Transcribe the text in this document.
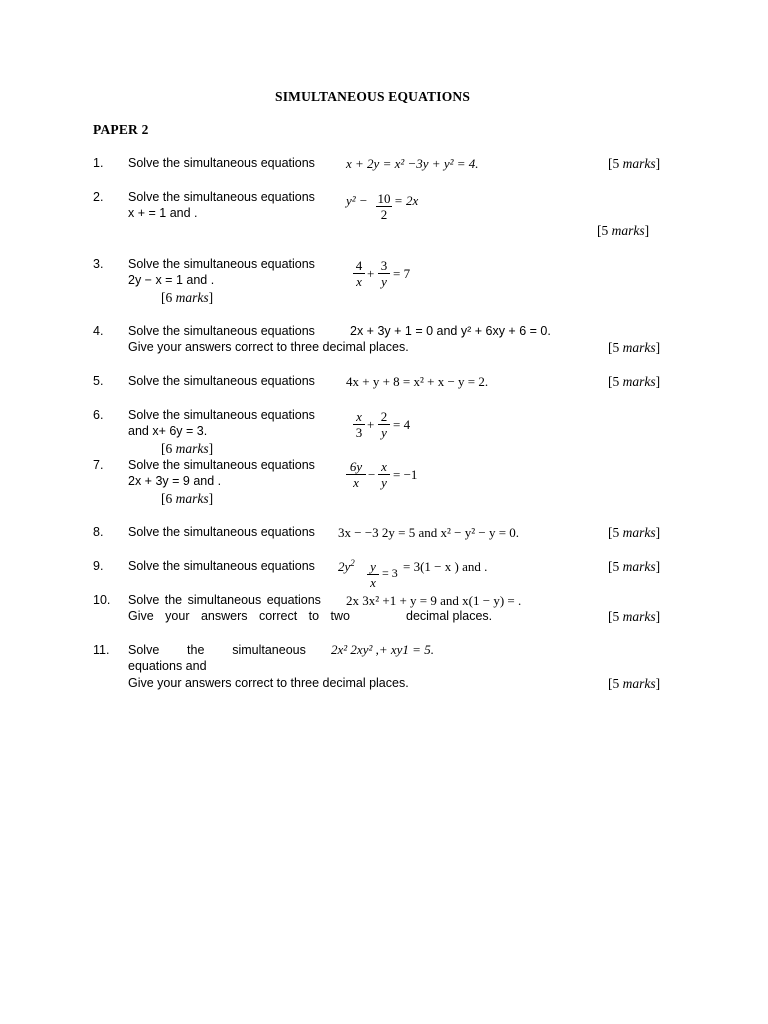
SIMULTANEOUS EQUATIONS
PAPER 2
1. Solve the simultaneous equations x + 2y = x² −3y + y² = 4.	[5 marks]
2. Solve the simultaneous equations y² − 10
2
= 2x
x + = 1 and .
[5 marks]
3. Solve the simultaneous equations	4
x
+
3
y
= 7
2y − x = 1 and .
[6 marks]
4. Solve the simultaneous equations	2x + 3y + 1 = 0 and y² + 6xy + 6 = 0.
Give your answers correct to three decimal places.	[5 marks]
5. Solve the simultaneous equations 4x + y + 8 = x² + x − y = 2.	[5 marks]
6. Solve the simultaneous equations	x
3
+
2
y
= 4
and x+ 6y = 3.
[6 marks]
7. Solve the simultaneous equations	6y
x
−
x
y
= −1
2x + 3y = 9 and .
[6 marks]
8. Solve the simultaneous equations 3x − −3 2y = 5 and x² − y² − y = 0.	[5 marks]
9. Solve the simultaneous equations $2y^2$ y
x
= 3 = 3(1 − x ) and .	[5 marks]
10. Solve the simultaneous equations 2x 3x² +1 + y = 9 and x(1 − y) = .
Give your answers correct to two	decimal places.	[5 marks]
11. Solve        the        simultaneous 2x² 2xy² ,+ xy1 = 5.
equations and
Give your answers correct to three decimal places.	[5 marks]
